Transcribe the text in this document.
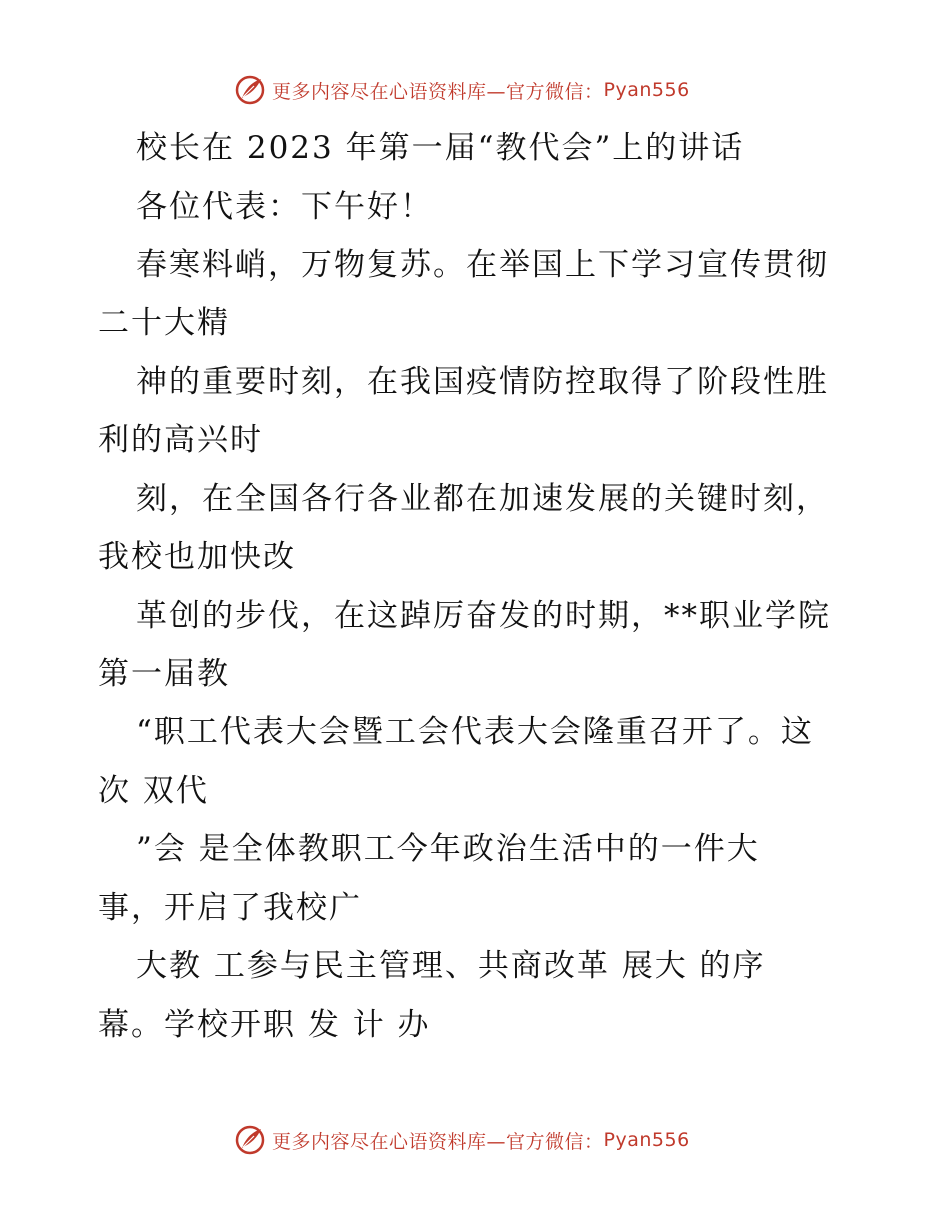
更多内容尽在心语资料库—官方微信： Pyan556
校长在 2023 年第一届“教代会”上的讲话
各位代表：下午好！
春寒料峭，万物复苏。在举国上下学习宣传贯彻
二十大精
神的重要时刻，在我国疫情防控取得了阶段性胜
利的高兴时
刻，在全国各行各业都在加速发展的关键时刻，
我校也加快改
革创的步伐，在这踔厉奋发的时期，**职业学院
第一届教
“职工代表大会暨工会代表大会隆重召开了。这
次 双代
”会 是全体教职工今年政治生活中的一件大
事，开启了我校广
大教 工参与民主管理、共商改革 展大 的序
幕。学校开职 发 计 办
更多内容尽在心语资料库—官方微信： Pyan556
